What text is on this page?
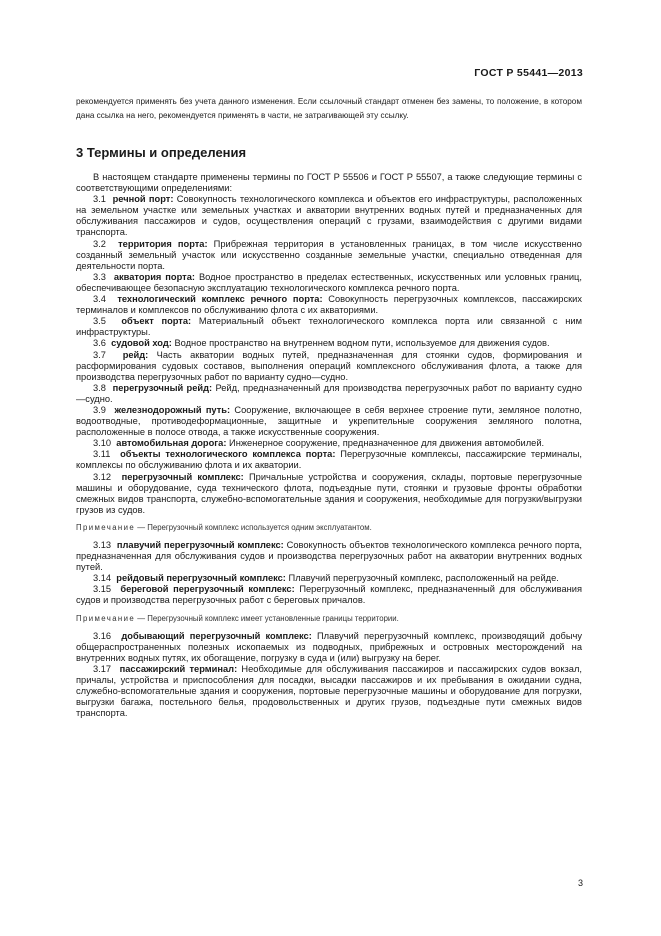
ГОСТ Р 55441—2013

рекомендуется применять без учета данного изменения. Если ссылочный стандарт отменен без замены, то положение, в котором дана ссылка на него, рекомендуется применять в части, не затрагивающей эту ссылку.

3 Термины и определения

В настоящем стандарте применены термины по ГОСТ Р 55506 и ГОСТ Р 55507, а также следующие термины с соответствующими определениями:

3.1 речной порт: Совокупность технологического комплекса и объектов его инфраструктуры, расположенных на земельном участке или земельных участках и акватории внутренних водных путей и предназначенных для обслуживания пассажиров и судов, осуществления операций с грузами, взаимодействия с другими видами транспорта.

3.2 территория порта: Прибрежная территория в установленных границах, в том числе искусственно созданный земельный участок или искусственно созданные земельные участки, специально отведенная для деятельности порта.

3.3 акватория порта: Водное пространство в пределах естественных, искусственных или условных границ, обеспечивающее безопасную эксплуатацию технологического комплекса речного порта.

3.4 технологический комплекс речного порта: Совокупность перегрузочных комплексов, пассажирских терминалов и комплексов по обслуживанию флота с их акваториями.

3.5 объект порта: Материальный объект технологического комплекса порта или связанной с ним инфраструктуры.

3.6 судовой ход: Водное пространство на внутреннем водном пути, используемое для движения судов.

3.7 рейд: Часть акватории водных путей, предназначенная для стоянки судов, формирования и расформирования судовых составов, выполнения операций комплексного обслуживания флота, а также для производства перегрузочных работ по варианту судно—судно.

3.8 перегрузочный рейд: Рейд, предназначенный для производства перегрузочных работ по варианту судно—судно.

3.9 железнодорожный путь: Сооружение, включающее в себя верхнее строение пути, земляное полотно, водоотводные, противодеформационные, защитные и укрепительные сооружения земляного полотна, расположенные в полосе отвода, а также искусственные сооружения.

3.10 автомобильная дорога: Инженерное сооружение, предназначенное для движения автомобилей.

3.11 объекты технологического комплекса порта: Перегрузочные комплексы, пассажирские терминалы, комплексы по обслуживанию флота и их акватории.

3.12 перегрузочный комплекс: Причальные устройства и сооружения, склады, портовые перегрузочные машины и оборудование, суда технического флота, подъездные пути, стоянки и грузовые фронты обработки смежных видов транспорта, служебно-вспомогательные здания и сооружения, необходимые для погрузки/выгрузки грузов из судов.

Примечание — Перегрузочный комплекс используется одним эксплуатантом.

3.13 плавучий перегрузочный комплекс: Совокупность объектов технологического комплекса речного порта, предназначенная для обслуживания судов и производства перегрузочных работ на акватории внутренних водных путей.

3.14 рейдовый перегрузочный комплекс: Плавучий перегрузочный комплекс, расположенный на рейде.

3.15 береговой перегрузочный комплекс: Перегрузочный комплекс, предназначенный для обслуживания судов и производства перегрузочных работ с береговых причалов.

Примечание — Перегрузочный комплекс имеет установленные границы территории.

3.16 добывающий перегрузочный комплекс: Плавучий перегрузочный комплекс, производящий добычу общераспространенных полезных ископаемых из подводных, прибрежных и островных месторождений на внутренних водных путях, их обогащение, погрузку в суда и (или) выгрузку на берег.

3.17 пассажирский терминал: Необходимые для обслуживания пассажиров и пассажирских судов вокзал, причалы, устройства и приспособления для посадки, высадки пассажиров и их пребывания в ожидании судна, служебно-вспомогательные здания и сооружения, портовые перегрузочные машины и оборудование для погрузки, выгрузки багажа, постельного белья, продовольственных и других грузов, подъездные пути смежных видов транспорта.

3
